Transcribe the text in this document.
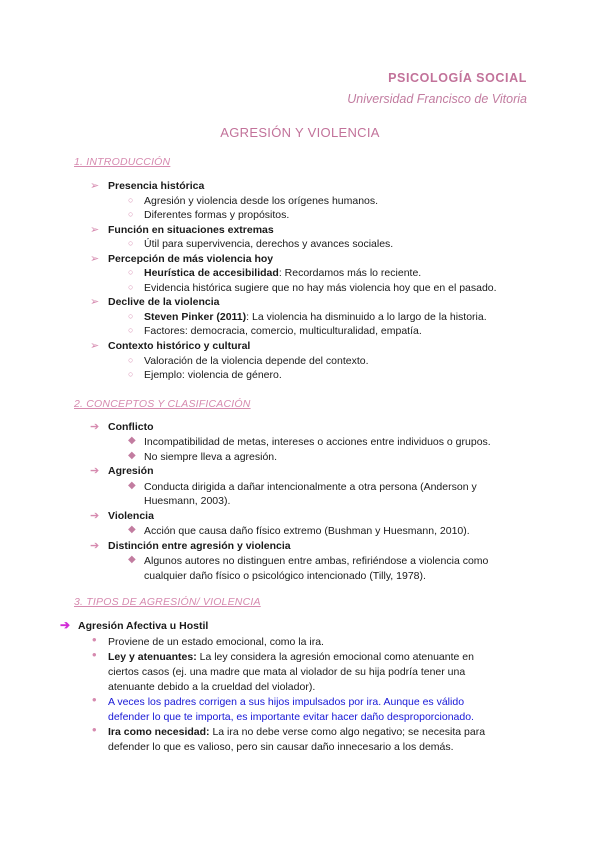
PSICOLOGÍA SOCIAL
Universidad Francisco de Vitoria
AGRESIÓN Y VIOLENCIA
1. INTRODUCCIÓN
➢ Presencia histórica
○ Agresión y violencia desde los orígenes humanos.
○ Diferentes formas y propósitos.
➢ Función en situaciones extremas
○ Útil para supervivencia, derechos y avances sociales.
➢ Percepción de más violencia hoy
○ Heurística de accesibilidad: Recordamos más lo reciente.
○ Evidencia histórica sugiere que no hay más violencia hoy que en el pasado.
➢ Declive de la violencia
○ Steven Pinker (2011): La violencia ha disminuido a lo largo de la historia.
○ Factores: democracia, comercio, multiculturalidad, empatía.
➢ Contexto histórico y cultural
○ Valoración de la violencia depende del contexto.
○ Ejemplo: violencia de género.
2. CONCEPTOS Y CLASIFICACIÓN
➔ Conflicto
◆ Incompatibilidad de metas, intereses o acciones entre individuos o grupos.
◆ No siempre lleva a agresión.
➔ Agresión
◆ Conducta dirigida a dañar intencionalmente a otra persona (Anderson y
Huesmann, 2003).
➔ Violencia
◆ Acción que causa daño físico extremo (Bushman y Huesmann, 2010).
➔ Distinción entre agresión y violencia
◆ Algunos autores no distinguen entre ambas, refiriéndose a violencia como
cualquier daño físico o psicológico intencionado (Tilly, 1978).
3. TIPOS DE AGRESIÓN/ VIOLENCIA
➔ Agresión Afectiva u Hostil
• Proviene de un estado emocional, como la ira.
• Ley y atenuantes: La ley considera la agresión emocional como atenuante en
ciertos casos (ej. una madre que mata al violador de su hija podría tener una
atenuante debido a la crueldad del violador).
• A veces los padres corrigen a sus hijos impulsados por ira. Aunque es válido
defender lo que te importa, es importante evitar hacer daño desproporcionado.
• Ira como necesidad: La ira no debe verse como algo negativo; se necesita para
defender lo que es valioso, pero sin causar daño innecesario a los demás.
